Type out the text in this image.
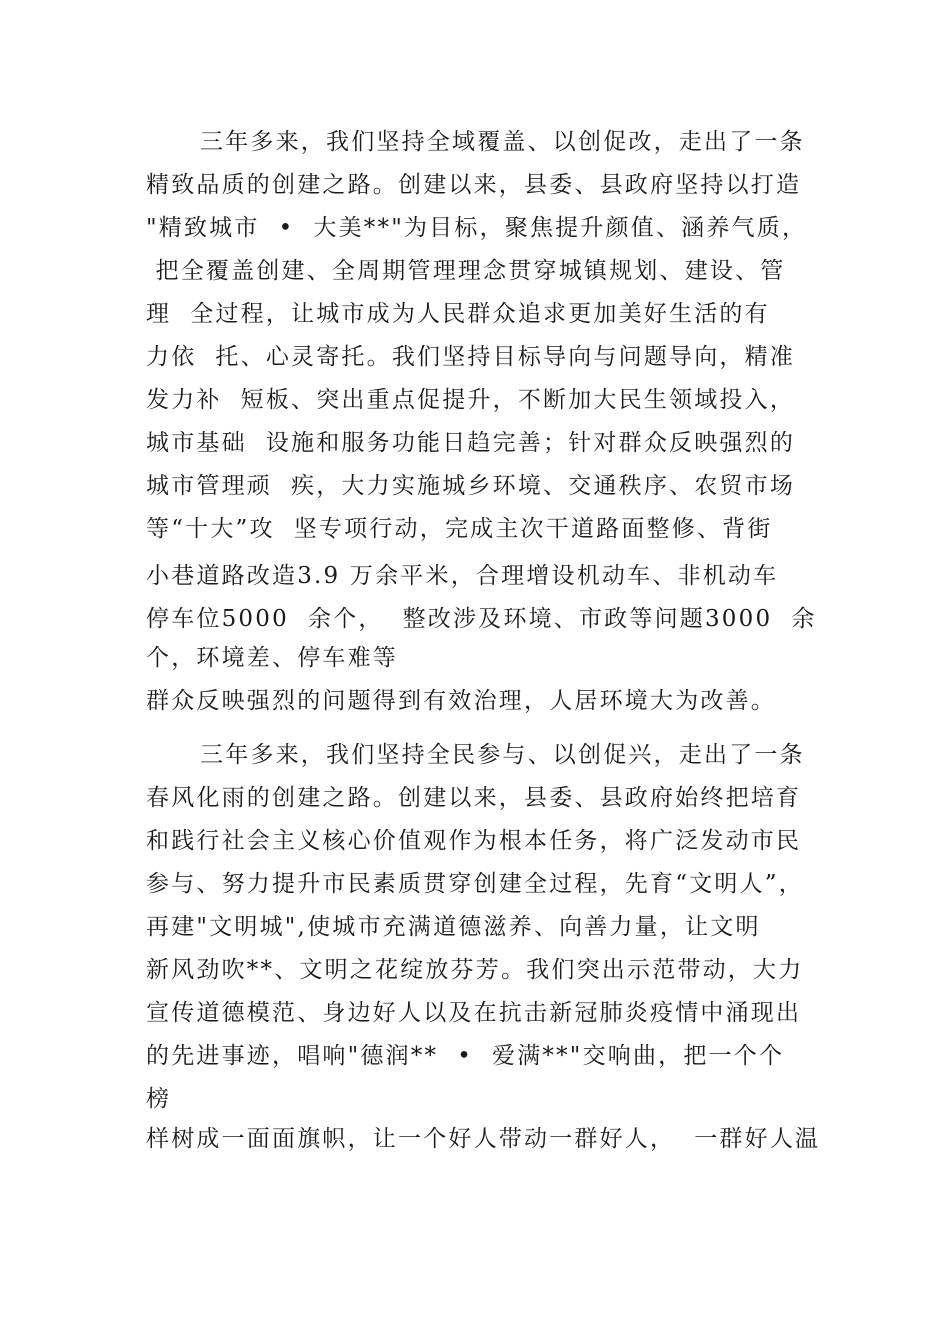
三年多来，我们坚持全域覆盖、以创促改，走出了一条
精致品质的创建之路。创建以来，县委、县政府坚持以打造
"精致城市  •  大美**"为目标，聚焦提升颜值、涵养气质，
把全覆盖创建、全周期管理理念贯穿城镇规划、建设、管
理  全过程，让城市成为人民群众追求更加美好生活的有
力依  托、心灵寄托。我们坚持目标导向与问题导向，精准
发力补  短板、突出重点促提升，不断加大民生领域投入，
城市基础  设施和服务功能日趋完善；针对群众反映强烈的
城市管理顽  疾，大力实施城乡环境、交通秩序、农贸市场
等“十大”攻  坚专项行动，完成主次干道路面整修、背街
小巷道路改造3.9 万余平米，合理增设机动车、非机动车
停车位5000  余个，  整改涉及环境、市政等问题3000  余
个，环境差、停车难等
群众反映强烈的问题得到有效治理，人居环境大为改善。
三年多来，我们坚持全民参与、以创促兴，走出了一条
春风化雨的创建之路。创建以来，县委、县政府始终把培育
和践行社会主义核心价值观作为根本任务，将广泛发动市民
参与、努力提升市民素质贯穿创建全过程，先育“文明人”，
再建"文明城",使城市充满道德滋养、向善力量，让文明
新风劲吹**、文明之花绽放芬芳。我们突出示范带动，大力
宣传道德模范、身边好人以及在抗击新冠肺炎疫情中涌现出
的先进事迹，唱响"德润**  •  爱满**"交响曲，把一个个
榜
样树成一面面旗帜，让一个好人带动一群好人，  一群好人温
